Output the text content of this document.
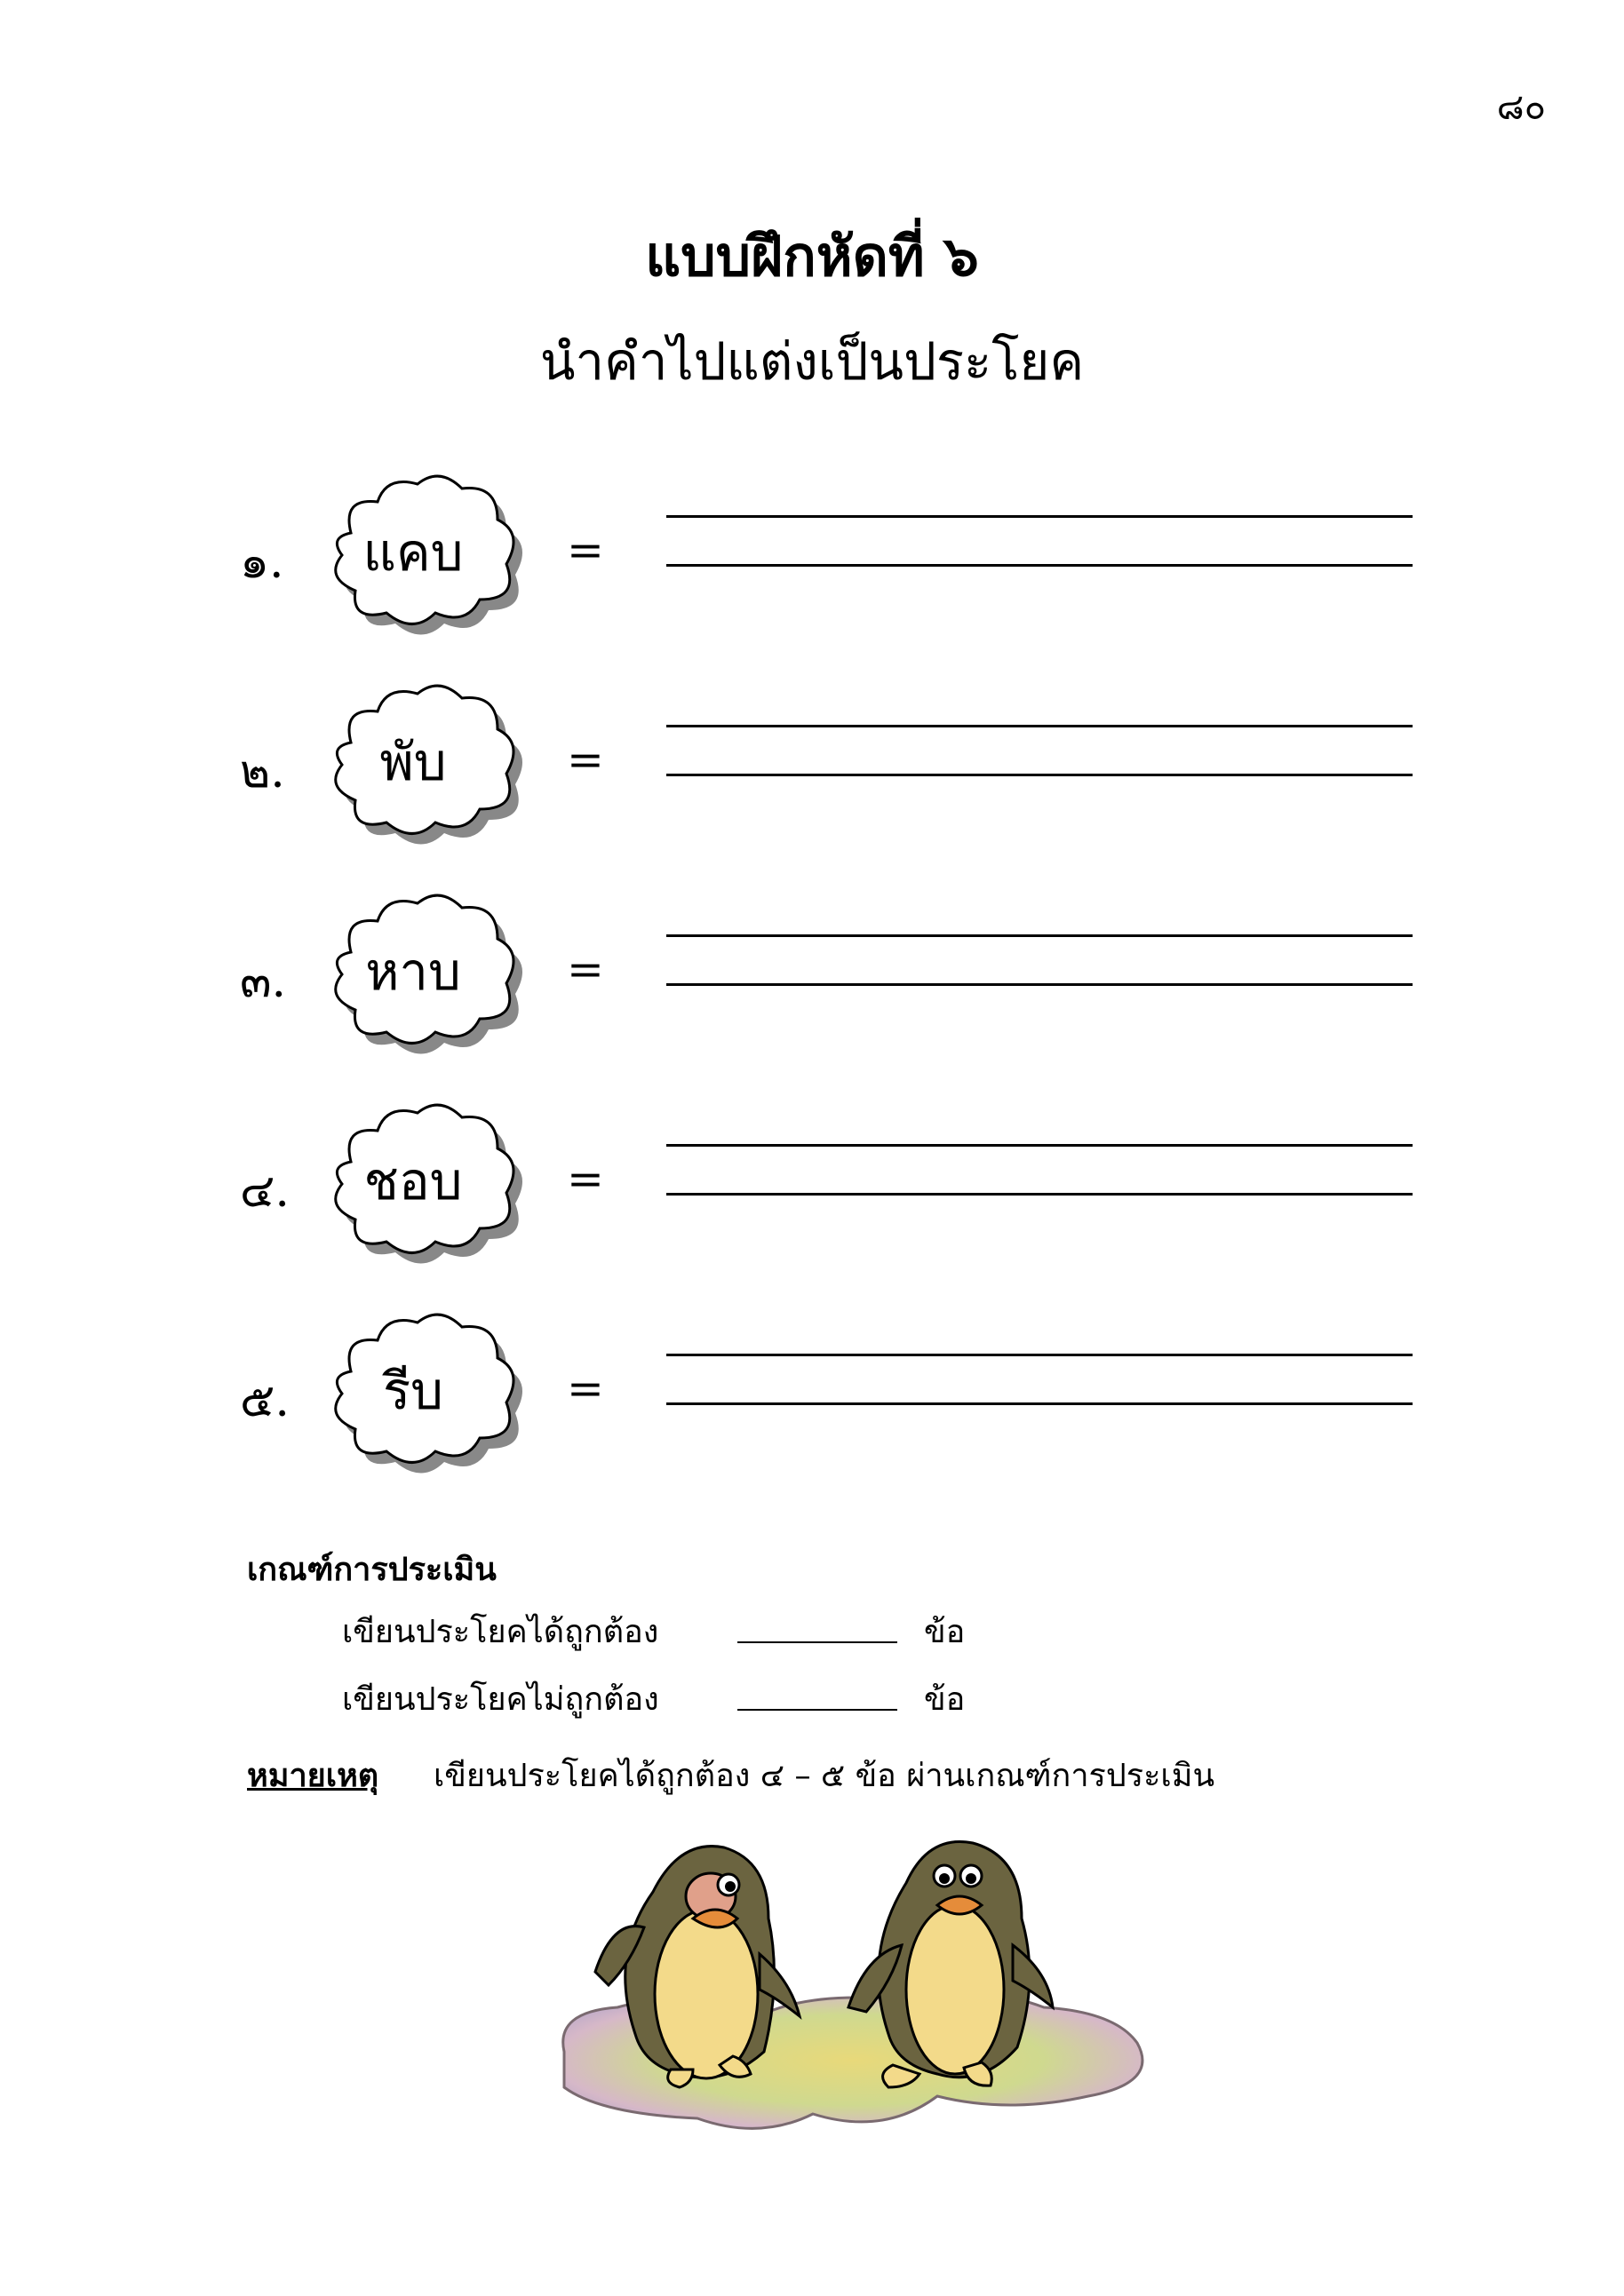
๘๐
แบบฝึกหัดที่ ๖
นำคำไปแต่งเป็นประโยค
๑.	แคบ	=
๒.	พับ	=
๓.	หาบ	=
๔.	ชอบ	=
๕.	รีบ	=
เกณฑ์การประเมิน
เขียนประโยคได้ถูกต้อง	ข้อ
เขียนประโยคไม่ถูกต้อง	ข้อ
หมายเหตุ เขียนประโยคได้ถูกต้อง ๔ – ๕ ข้อ ผ่านเกณฑ์การประเมิน
